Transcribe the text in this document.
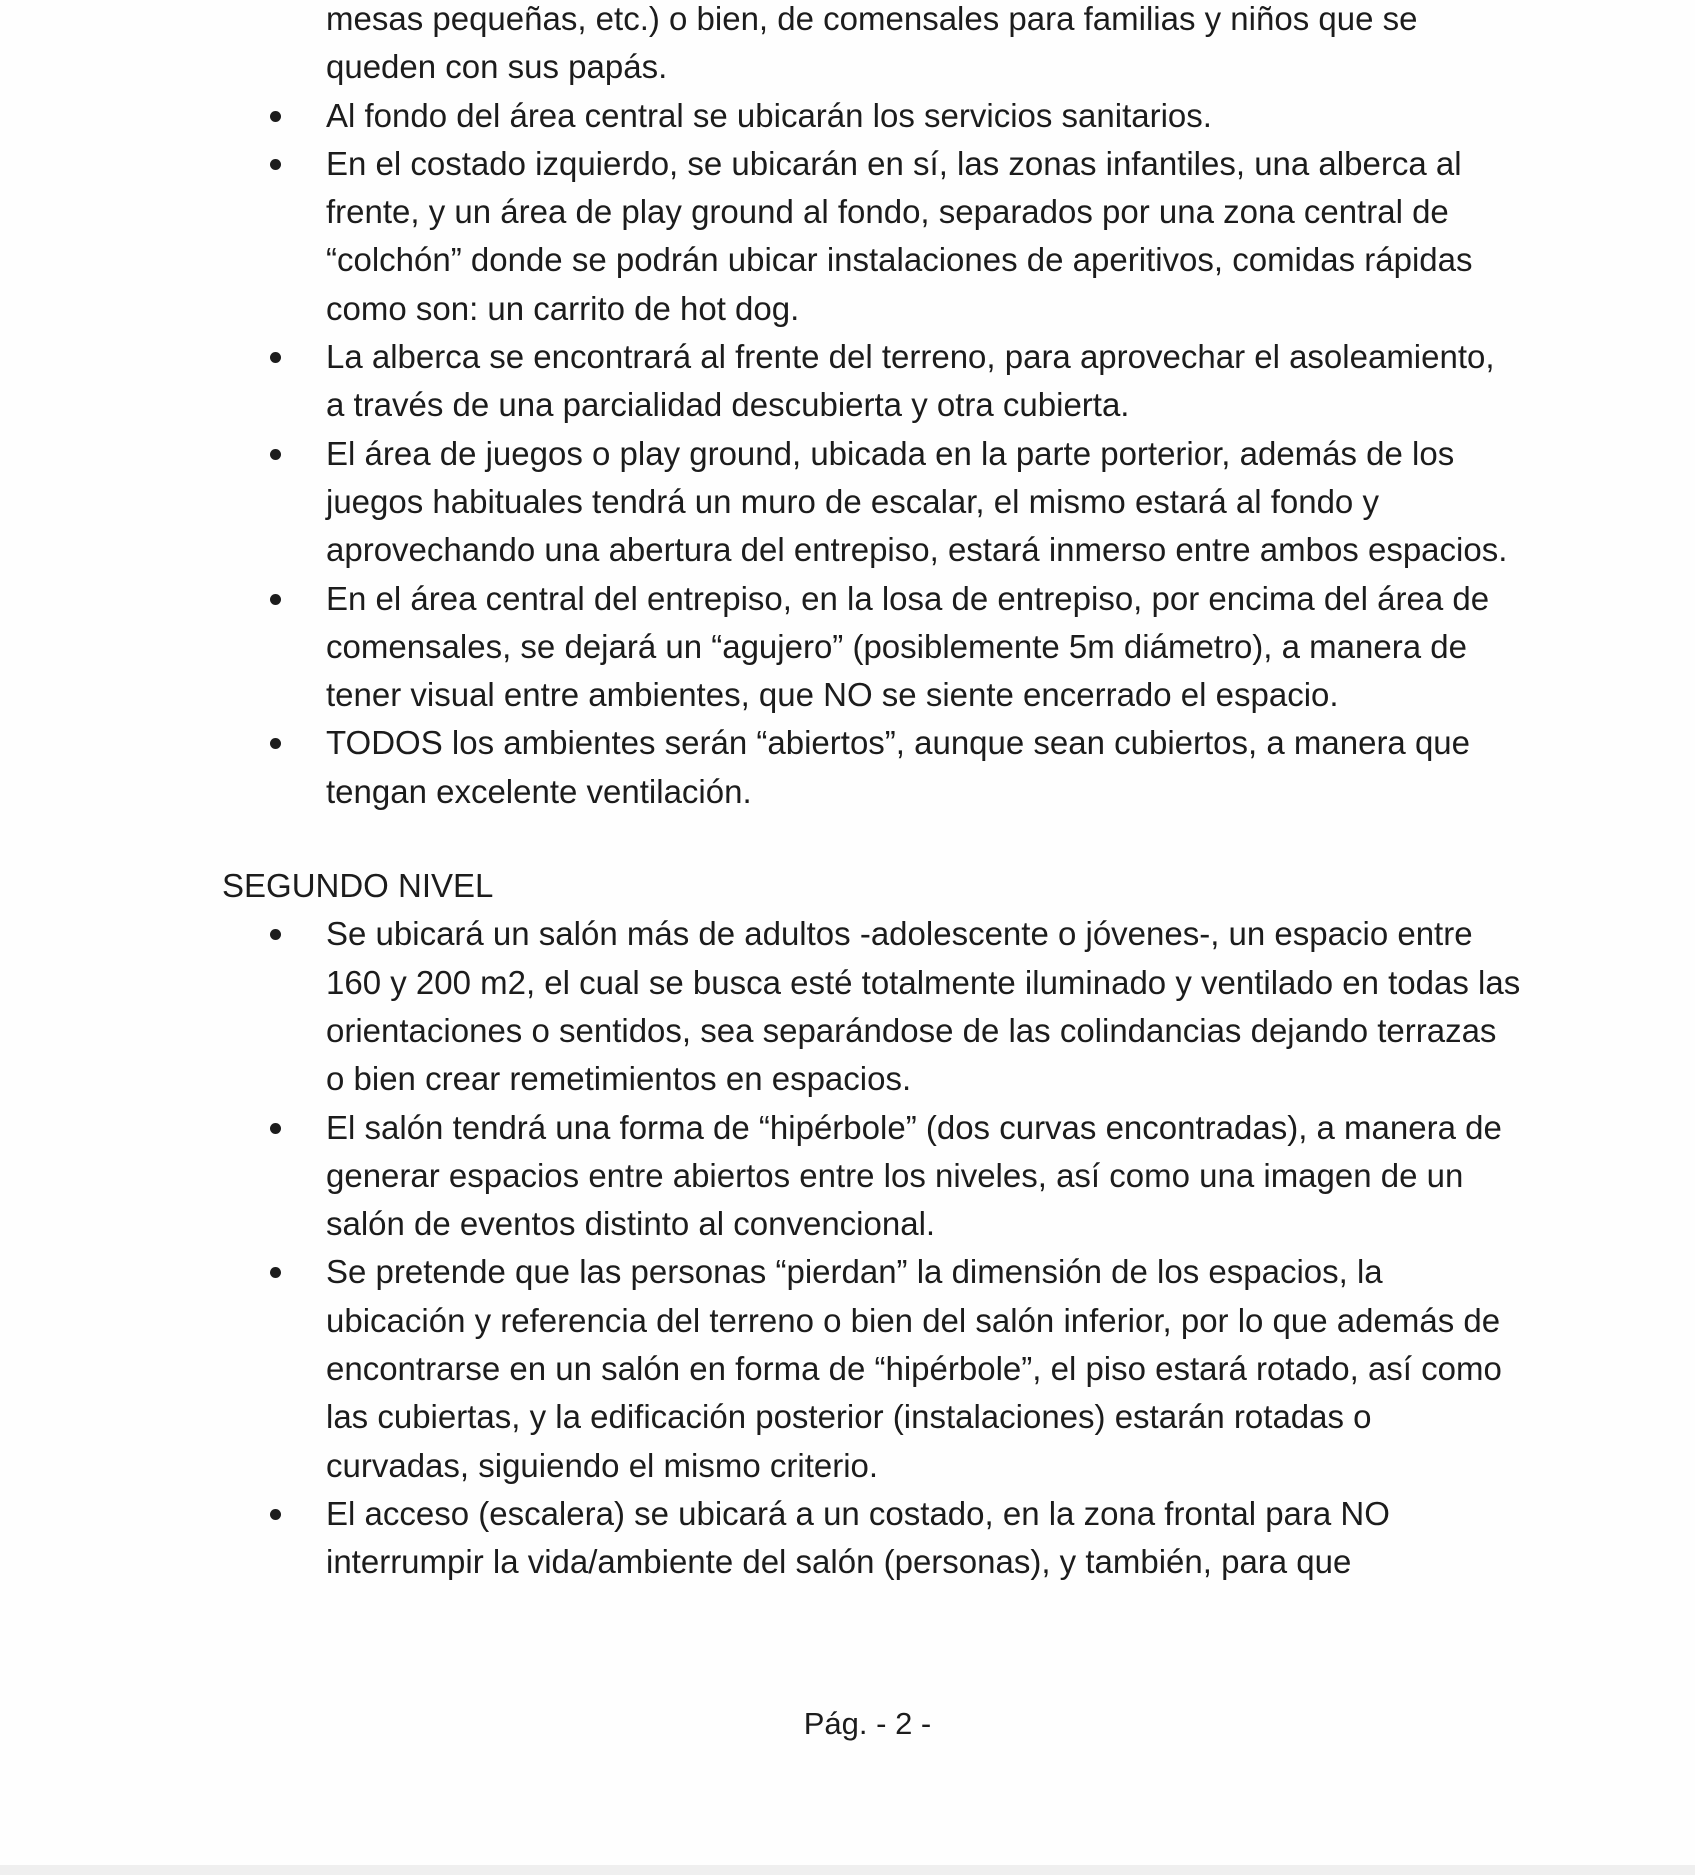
mesas pequeñas, etc.) o bien, de comensales para familias y niños que se queden con sus papás.
Al fondo del área central se ubicarán los servicios sanitarios.
En el costado izquierdo, se ubicarán en sí, las zonas infantiles, una alberca al frente, y un área de play ground al fondo, separados por una zona central de “colchón” donde se podrán ubicar instalaciones de aperitivos, comidas rápidas como son: un carrito de hot dog.
La alberca se encontrará al frente del terreno, para aprovechar el asoleamiento, a través de una parcialidad descubierta y otra cubierta.
El área de juegos o play ground, ubicada en la parte porterior, además de los juegos habituales tendrá un muro de escalar, el mismo estará al fondo y aprovechando una abertura del entrepiso, estará inmerso entre ambos espacios.
En el área central del entrepiso, en la losa de entrepiso, por encima del área de comensales, se dejará un “agujero” (posiblemente 5m diámetro), a manera de tener visual entre ambientes, que NO se siente encerrado el espacio.
TODOS los ambientes serán “abiertos”, aunque sean cubiertos, a manera que tengan excelente ventilación.

SEGUNDO NIVEL

Se ubicará un salón más de adultos -adolescente o jóvenes-, un espacio entre 160 y 200 m2, el cual se busca esté totalmente iluminado y ventilado en todas las orientaciones o sentidos, sea separándose de las colindancias dejando terrazas o bien crear remetimientos en espacios.
El salón tendrá una forma de “hipérbole” (dos curvas encontradas), a manera de generar espacios entre abiertos entre los niveles, así como una imagen de un salón de eventos distinto al convencional.
Se pretende que las personas “pierdan” la dimensión de los espacios, la ubicación y referencia del terreno o bien del salón inferior, por lo que además de encontrarse en un salón en forma de “hipérbole”, el piso estará rotado, así como las cubiertas, y la edificación posterior (instalaciones) estarán rotadas o curvadas, siguiendo el mismo criterio.
El acceso (escalera) se ubicará a un costado, en la zona frontal para NO interrumpir la vida/ambiente del salón (personas), y también, para que
Pág. - 2 -
